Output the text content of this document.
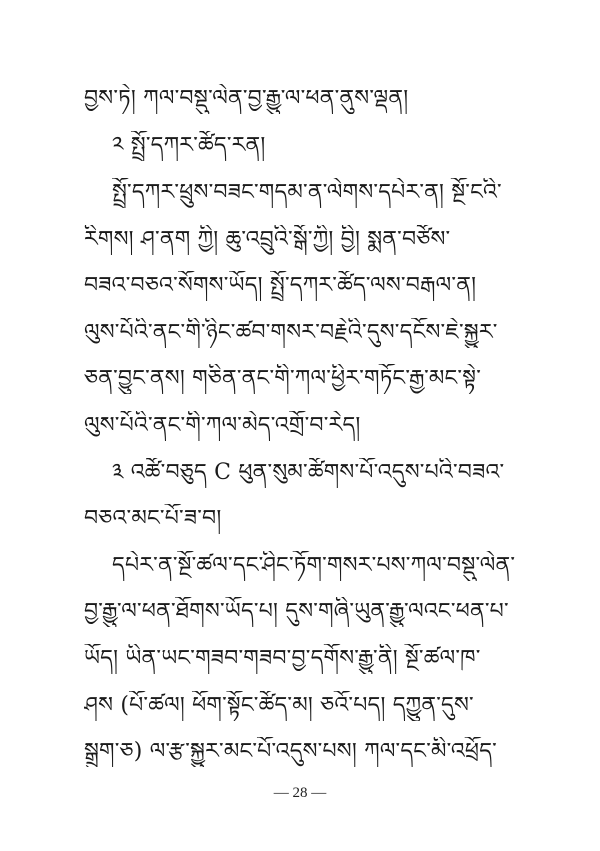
བྱས་ཏེ། ཀལ་བསྡུ་ལེན་བྱ་རྒྱུ་ལ་ཕན་ནུས་ལྡན།
༢ སྤྲོ་དཀར་ཚོད་རན།
སྤྲོ་དཀར་ཕྲུས་བཟང་གདམ་ན་ལེགས་དཔེར་ན། སྔོ་ངའི་
རིགས། ཤ་ནག ཀྱི། ཆུ་འབྲུའི་སྒོ་ཀྱི། བྱི། སྨན་བཙོས་
བཟའ་བཅའ་སོགས་ཡོད། སྤྲོ་དཀར་ཚོད་ལས་བརྒལ་ན།
ལུས་པོའི་ནང་གི་ཉིང་ཚབ་གསར་བརྗེའི་དུས་དངོས་ཇེ་སྐྱུར་
ཅན་བྱུང་ནས། གཅིན་ནང་གི་ཀལ་ཕྱིར་གཏོང་རྒྱ་མང་སྟེ་
ལུས་པོའི་ནང་གི་ཀལ་མེད་འགྲོ་བ་རེད།
༣ འཚོ་བཅུད C ཕུན་སུམ་ཚོགས་པོ་འདུས་པའི་བཟའ་
བཅའ་མང་པོ་ཟ་བ།
དཔེར་ན་སྔོ་ཚལ་དང་ཤིང་ཏོག་གསར་པས་ཀལ་བསྡུ་ལེན་
བྱ་རྒྱུ་ལ་ཕན་ཐོགས་ཡོད་པ། དུས་གཞི་ཡུན་རྒྱུ་ལའང་ཕན་པ་
ཡོད། ཡིན་ཡང་གཟབ་གཟབ་བྱ་དགོས་རྒྱུ་ནི། སྔོ་ཚལ་ཁ་
ཤས (པོ་ཚལ། ཕོག་སྟོང་ཚོད་མ། ཅའོ་པད། དཀྱུན་དུས་
སྒྲུག་ཅ) ལ་རྩ་སྐྱུར་མང་པོ་འདུས་པས། ཀལ་དང་མི་འཕྲོད་
— 28 —
